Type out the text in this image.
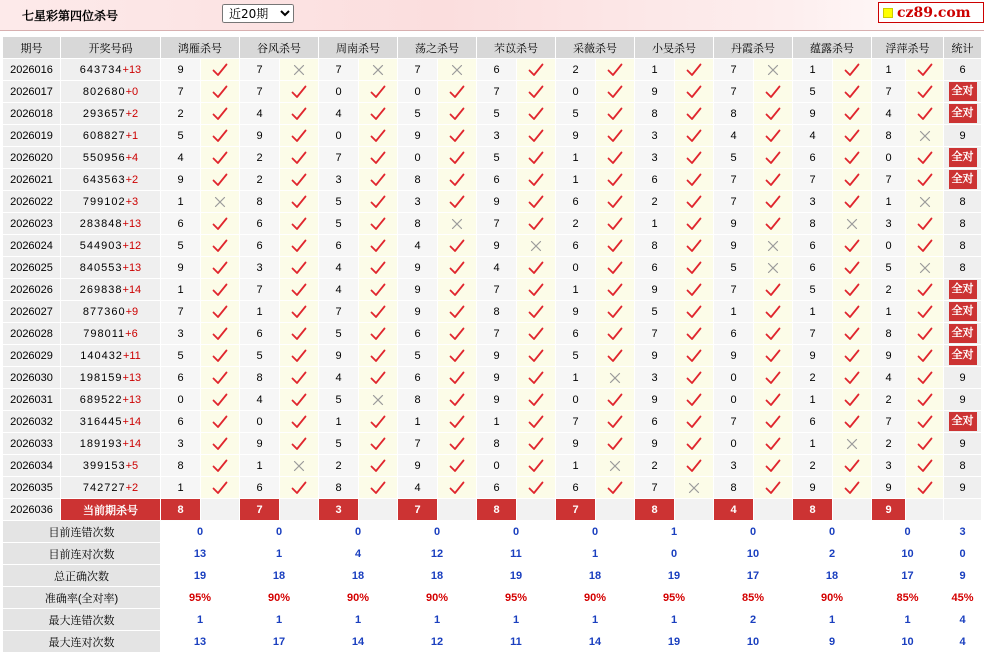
七星彩第四位杀号
近20期	cz89.com
期号	开奖号码	鸿雁杀号		谷风杀号		周南杀号		荡之杀号		芣苡杀号		采薇杀号		小旻杀号		丹霞杀号		蕴露杀号		浮萍杀号		统计
2026016	643734+13	9		7		7		7		6		2		1		7		1		1		6
2026017	802680+0	7		7		0		0		7		0		9		7		5		7		全对
2026018	293657+2	2		4		4		5		5		5		8		8		9		4		全对
2026019	608827+1	5		9		0		9		3		9		3		4		4		8		9
2026020	550956+4	4		2		7		0		5		1		3		5		6		0		全对
2026021	643563+2	9		2		3		8		6		1		6		7		7		7		全对
2026022	799102+3	1		8		5		3		9		6		2		7		3		1		8
2026023	283848+13	6		6		5		8		7		2		1		9		8		3		8
2026024	544903+12	5		6		6		4		9		6		8		9		6		0		8
2026025	840553+13	9		3		4		9		4		0		6		5		6		5		8
2026026	269838+14	1		7		4		9		7		1		9		7		5		2		全对
2026027	877360+9	7		1		7		9		8		9		5		1		1		1		全对
2026028	798011+6	3		6		5		6		7		6		7		6		7		8		全对
2026029	140432+11	5		5		9		5		9		5		9		9		9		9		全对
2026030	198159+13	6		8		4		6		9		1		3		0		2		4		9
2026031	689522+13	0		4		5		8		9		0		9		0		1		2		9
2026032	316445+14	6		0		1		1		1		7		6		7		6		7		全对
2026033	189193+14	3		9		5		7		8		9		9		0		1		2		9
2026034	399153+5	8		1		2		9		0		1		2		3		2		3		8
2026035	742727+2	1		6		8		4		6		6		7		8		9		9		9
2026036	当前期杀号	8		7		3		7		8		7		8		4		8		9		
目前连错次数		0		0		0		0		0		0		1		0		0		0		3
目前连对次数		13		1		4		12		11		1		0		10		2		10		0
总正确次数		19		18		18		18		19		18		19		17		18		17		9
准确率(全对率)		95%		90%		90%		90%		95%		90%		95%		85%		90%		85%		45%
最大连错次数		1		1		1		1		1		1		1		2		1		1		4
最大连对次数		13		17		14		12		11		14		19		10		9		10		4
